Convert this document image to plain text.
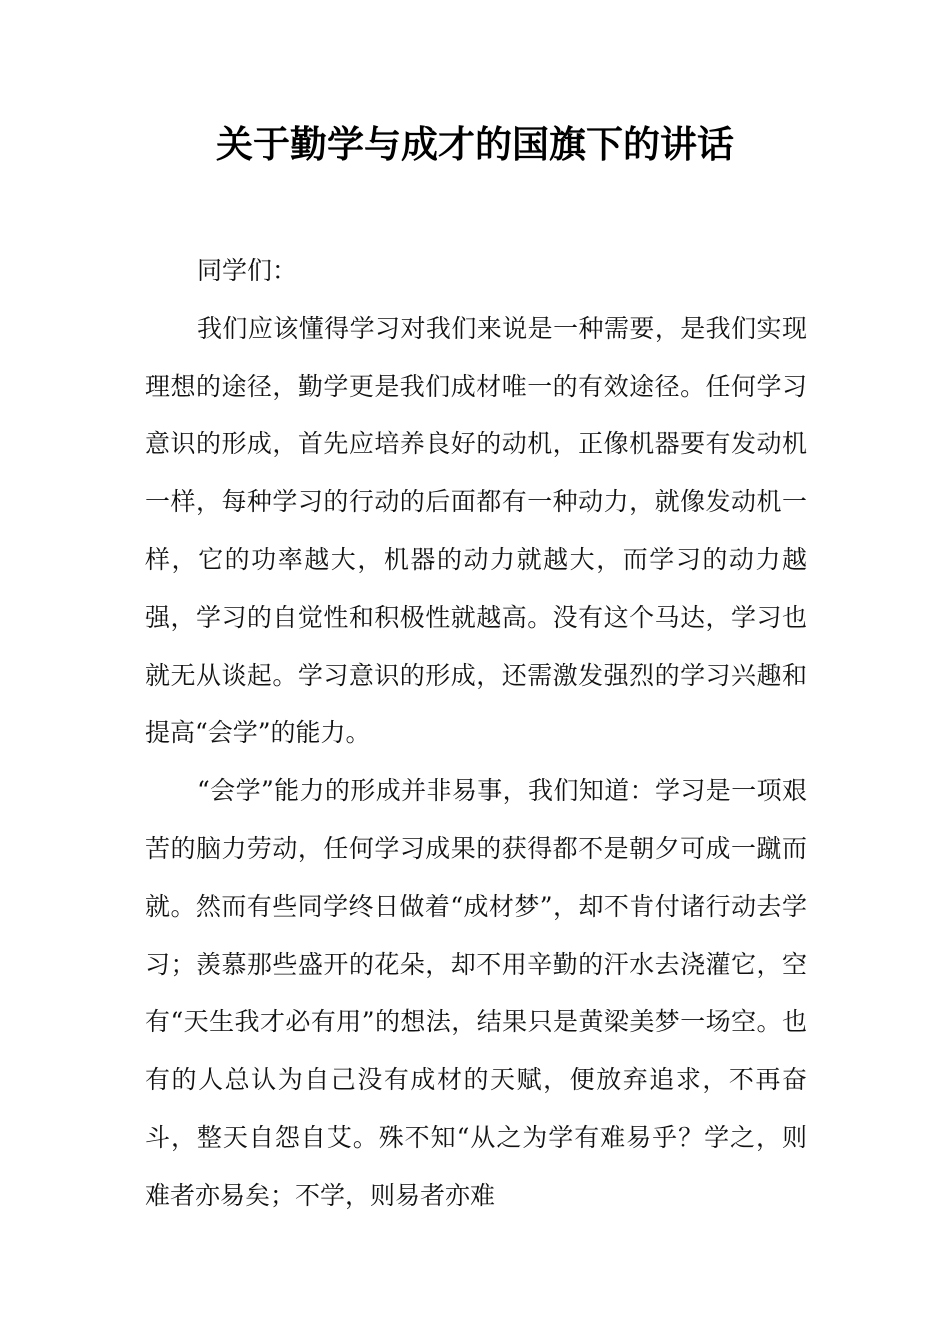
关于勤学与成才的国旗下的讲话

同学们：

我们应该懂得学习对我们来说是一种需要，是我们实现理想的途径，勤学更是我们成材唯一的有效途径。任何学习意识的形成，首先应培养良好的动机，正像机器要有发动机一样，每种学习的行动的后面都有一种动力，就像发动机一样，它的功率越大，机器的动力就越大，而学习的动力越强，学习的自觉性和积极性就越高。没有这个马达，学习也就无从谈起。学习意识的形成，还需激发强烈的学习兴趣和提高“会学”的能力。

“会学”能力的形成并非易事，我们知道：学习是一项艰苦的脑力劳动，任何学习成果的获得都不是朝夕可成一蹴而就。然而有些同学终日做着“成材梦”，却不肯付诸行动去学习；羡慕那些盛开的花朵，却不用辛勤的汗水去浇灌它，空有“天生我才必有用”的想法，结果只是黄梁美梦一场空。也有的人总认为自己没有成材的天赋，便放弃追求，不再奋斗，整天自怨自艾。殊不知“从之为学有难易乎？学之，则难者亦易矣；不学，则易者亦难
